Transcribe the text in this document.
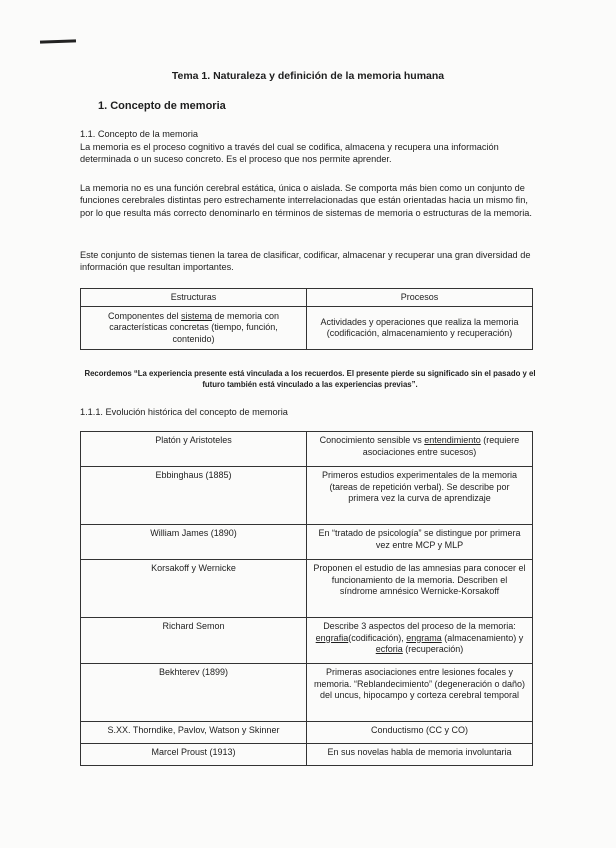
Tema 1. Naturaleza y definición de la memoria humana
1. Concepto de memoria

1.1. Concepto de la memoria

La memoria es el proceso cognitivo a través del cual se codifica, almacena y recupera una información determinada o un suceso concreto. Es el proceso que nos permite aprender.

La memoria no es una función cerebral estática, única o aislada. Se comporta más bien como un conjunto de funciones cerebrales distintas pero estrechamente interrelacionadas que están orientadas hacia un mismo fin, por lo que resulta más correcto denominarlo en términos de sistemas de memoria o estructuras de la memoria.

Este conjunto de sistemas tienen la tarea de clasificar, codificar, almacenar y recuperar una gran diversidad de información que resultan importantes.

Estructuras	Procesos
Componentes del sistema de memoria con características concretas (tiempo, función, contenido)	Actividades y operaciones que realiza la memoria (codificación, almacenamiento y recuperación)

Recordemos “La experiencia presente está vinculada a los recuerdos. El presente pierde su significado sin el pasado y el futuro también está vinculado a las experiencias previas”.

1.1.1. Evolución histórica del concepto de memoria
Platón y Aristoteles	Conocimiento sensible vs entendimiento (requiere asociaciones entre sucesos)
Ebbinghaus (1885)	Primeros estudios experimentales de la memoria (tareas de repetición verbal). Se describe por primera vez la curva de aprendizaje
William James (1890)	En “tratado de psicología” se distingue por primera vez entre MCP y MLP
Korsakoff y Wernicke	Proponen el estudio de las amnesias para conocer el funcionamiento de la memoria. Describen el síndrome amnésico Wernicke-Korsakoff
Richard Semon	Describe 3 aspectos del proceso de la memoria: engrafia(codificación), engrama (almacenamiento) y ecforia (recuperación)
Bekhterev (1899)	Primeras asociaciones entre lesiones focales y memoria. “Reblandecimiento” (degeneración o daño) del uncus, hipocampo y corteza cerebral temporal
S.XX. Thorndike, Pavlov, Watson y Skinner	Conductismo (CC y CO)
Marcel Proust (1913)	En sus novelas habla de memoria involuntaria
